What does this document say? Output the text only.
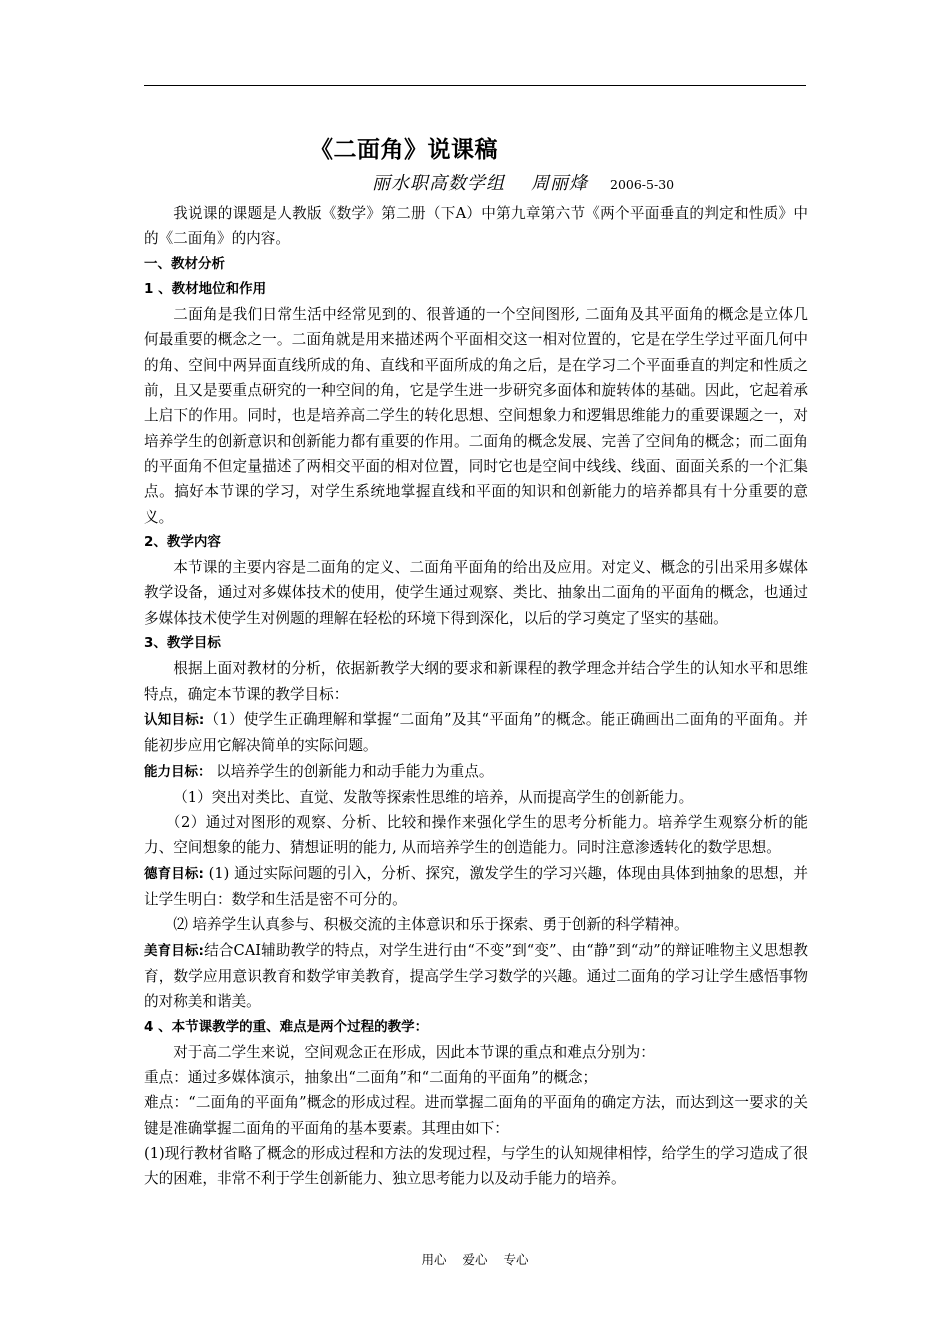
《二面角》说课稿
丽水职高数学组 周丽烽 2006-5-30

我说课的课题是人教版《数学》第二册（下A）中第九章第六节《两个平面垂直的判定和性质》中的《二面角》的内容。

一、教材分析

1 、教材地位和作用

二面角是我们日常生活中经常见到的、很普通的一个空间图形, 二面角及其平面角的概念是立体几何最重要的概念之一。二面角就是用来描述两个平面相交这一相对位置的，它是在学生学过平面几何中的角、空间中两异面直线所成的角、直线和平面所成的角之后，是在学习二个平面垂直的判定和性质之前，且又是要重点研究的一种空间的角，它是学生进一步研究多面体和旋转体的基础。因此，它起着承上启下的作用。同时，也是培养高二学生的转化思想、空间想象力和逻辑思维能力的重要课题之一，对培养学生的创新意识和创新能力都有重要的作用。二面角的概念发展、完善了空间角的概念；而二面角的平面角不但定量描述了两相交平面的相对位置，同时它也是空间中线线、线面、面面关系的一个汇集点。搞好本节课的学习，对学生系统地掌握直线和平面的知识和创新能力的培养都具有十分重要的意义。

2、教学内容

本节课的主要内容是二面角的定义、二面角平面角的给出及应用。对定义、概念的引出采用多媒体教学设备，通过对多媒体技术的使用，使学生通过观察、类比、抽象出二面角的平面角的概念，也通过多媒体技术使学生对例题的理解在轻松的环境下得到深化，以后的学习奠定了坚实的基础。

3、教学目标

根据上面对教材的分析，依据新教学大纲的要求和新课程的教学理念并结合学生的认知水平和思维特点，确定本节课的教学目标：

认知目标:（1）使学生正确理解和掌握“二面角”及其“平面角”的概念。能正确画出二面角的平面角。并能初步应用它解决简单的实际问题。

能力目标： 以培养学生的创新能力和动手能力为重点。

（1）突出对类比、直觉、发散等探索性思维的培养，从而提高学生的创新能力。

（2）通过对图形的观察、分析、比较和操作来强化学生的思考分析能力。培养学生观察分析的能力、空间想象的能力、猜想证明的能力, 从而培养学生的创造能力。同时注意渗透转化的数学思想。

德育目标: (1) 通过实际问题的引入，分析、探究，激发学生的学习兴趣，体现由具体到抽象的思想，并让学生明白：数学和生活是密不可分的。

⑵ 培养学生认真参与、积极交流的主体意识和乐于探索、勇于创新的科学精神。

美育目标:结合CAI辅助教学的特点，对学生进行由“不变”到“变”、由“静”到“动”的辩证唯物主义思想教育，数学应用意识教育和数学审美教育，提高学生学习数学的兴趣。通过二面角的学习让学生感悟事物的对称美和谐美。

4 、本节课教学的重、难点是两个过程的教学：

对于高二学生来说，空间观念正在形成，因此本节课的重点和难点分别为：

重点：通过多媒体演示，抽象出“二面角”和“二面角的平面角”的概念；

难点：“二面角的平面角”概念的形成过程。进而掌握二面角的平面角的确定方法，而达到这一要求的关键是准确掌握二面角的平面角的基本要素。其理由如下：

(1)现行教材省略了概念的形成过程和方法的发现过程，与学生的认知规律相悖，给学生的学习造成了很大的困难，非常不利于学生创新能力、独立思考能力以及动手能力的培养。

用心 爱心 专心
